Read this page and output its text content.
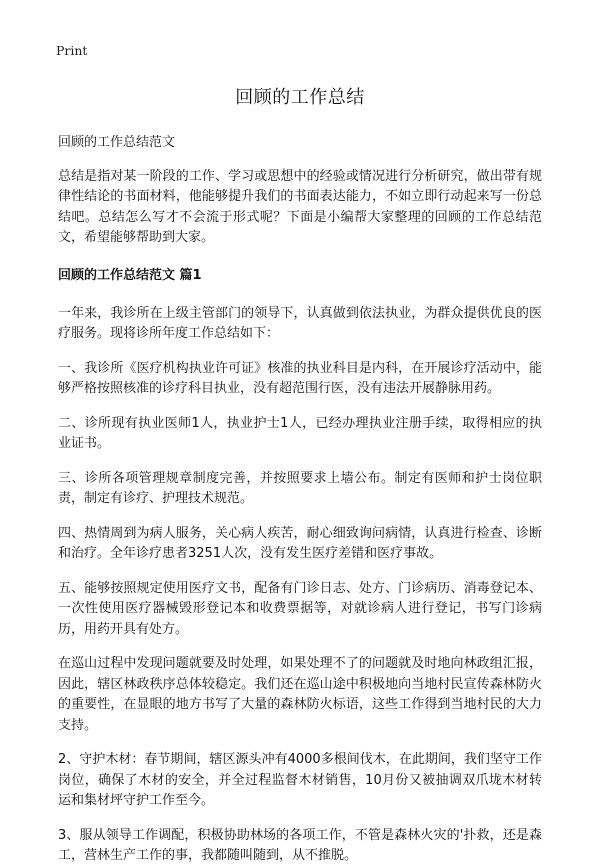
Print
回顾的工作总结

回顾的工作总结范文

总结是指对某一阶段的工作、学习或思想中的经验或情况进行分析研究，做出带有规律性结论的书面材料，他能够提升我们的书面表达能力，不如立即行动起来写一份总结吧。总结怎么写才不会流于形式呢？下面是小编帮大家整理的回顾的工作总结范文，希望能够帮助到大家。

回顾的工作总结范文 篇1

一年来，我诊所在上级主管部门的领导下，认真做到依法执业，为群众提供优良的医疗服务。现将诊所年度工作总结如下：

一、我诊所《医疗机构执业许可证》核准的执业科目是内科，在开展诊疗活动中，能够严格按照核准的诊疗科目执业，没有超范围行医，没有违法开展静脉用药。

二、诊所现有执业医师1人，执业护士1人，已经办理执业注册手续，取得相应的执业证书。

三、诊所各项管理规章制度完善，并按照要求上墙公布。制定有医师和护士岗位职责，制定有诊疗、护理技术规范。

四、热情周到为病人服务，关心病人疾苦，耐心细致询问病情，认真进行检查、诊断和治疗。全年诊疗患者3251人次，没有发生医疗差错和医疗事故。

五、能够按照规定使用医疗文书，配备有门诊日志、处方、门诊病历、消毒登记本、一次性使用医疗器械毁形登记本和收费票据等，对就诊病人进行登记，书写门诊病历，用药开具有处方。

在巡山过程中发现问题就要及时处理，如果处理不了的问题就及时地向林政组汇报，因此，辖区林政秩序总体较稳定。我们还在巡山途中积极地向当地村民宣传森林防火的重要性，在显眼的地方书写了大量的森林防火标语，这些工作得到当地村民的大力支持。

2、守护木材：春节期间，辖区源头冲有4000多根间伐木，在此期间，我们坚守工作岗位，确保了木材的安全，并全过程监督木材销售，10月份又被抽调双爪垅木材转运和集材坪守护工作至今。

3、服从领导工作调配，积极协助林场的各项工作，不管是森林火灾的'扑救，还是森工，营林生产工作的事，我都随叫随到，从不推脱。
